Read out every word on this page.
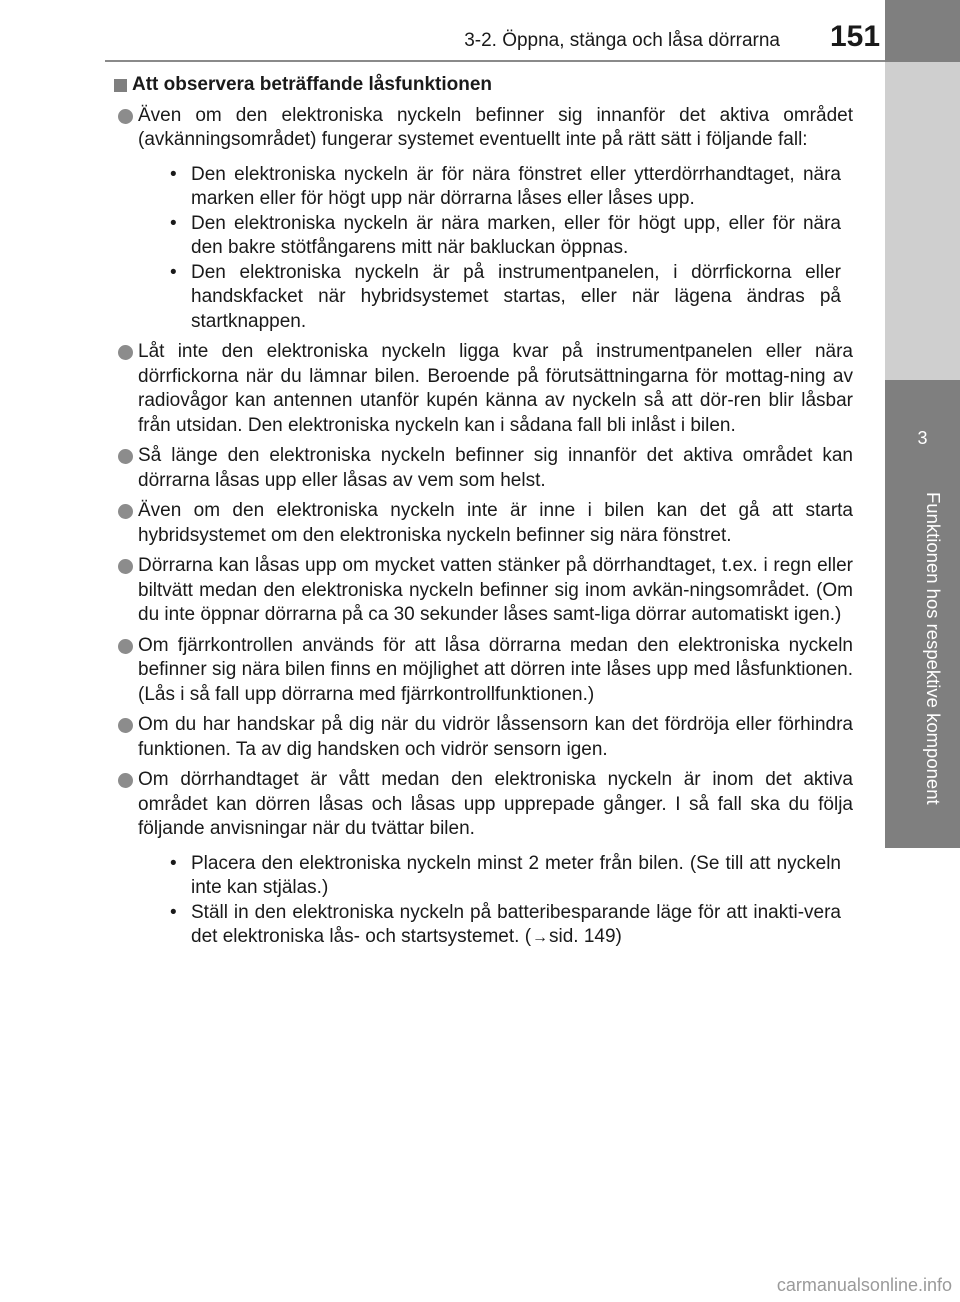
3-2. Öppna, stänga och låsa dörrarna 151
3
Funktionen hos respektive komponent
Att observera beträffande låsfunktionen
Även om den elektroniska nyckeln befinner sig innanför det aktiva området (avkänningsområdet) fungerar systemet eventuellt inte på rätt sätt i följande fall:
• Den elektroniska nyckeln är för nära fönstret eller ytterdörrhandtaget, nära marken eller för högt upp när dörrarna låses eller låses upp.
• Den elektroniska nyckeln är nära marken, eller för högt upp, eller för nära den bakre stötfångarens mitt när bakluckan öppnas.
• Den elektroniska nyckeln är på instrumentpanelen, i dörrfickorna eller handskfacket när hybridsystemet startas, eller när lägena ändras på startknappen.
Låt inte den elektroniska nyckeln ligga kvar på instrumentpanelen eller nära dörrfickorna när du lämnar bilen. Beroende på förutsättningarna för mottag-ning av radiovågor kan antennen utanför kupén känna av nyckeln så att dör-ren blir låsbar från utsidan. Den elektroniska nyckeln kan i sådana fall bli inlåst i bilen.
Så länge den elektroniska nyckeln befinner sig innanför det aktiva området kan dörrarna låsas upp eller låsas av vem som helst.
Även om den elektroniska nyckeln inte är inne i bilen kan det gå att starta hybridsystemet om den elektroniska nyckeln befinner sig nära fönstret.
Dörrarna kan låsas upp om mycket vatten stänker på dörrhandtaget, t.ex. i regn eller biltvätt medan den elektroniska nyckeln befinner sig inom avkän-ningsområdet. (Om du inte öppnar dörrarna på ca 30 sekunder låses samt-liga dörrar automatiskt igen.)
Om fjärrkontrollen används för att låsa dörrarna medan den elektroniska nyckeln befinner sig nära bilen finns en möjlighet att dörren inte låses upp med låsfunktionen. (Lås i så fall upp dörrarna med fjärrkontrollfunktionen.)
Om du har handskar på dig när du vidrör låssensorn kan det fördröja eller förhindra funktionen. Ta av dig handsken och vidrör sensorn igen.
Om dörrhandtaget är vått medan den elektroniska nyckeln är inom det aktiva området kan dörren låsas och låsas upp upprepade gånger. I så fall ska du följa följande anvisningar när du tvättar bilen.
• Placera den elektroniska nyckeln minst 2 meter från bilen. (Se till att nyckeln inte kan stjälas.)
• Ställ in den elektroniska nyckeln på batteribesparande läge för att inakti-vera det elektroniska lås- och startsystemet. (→sid. 149)
carmanualsonline.info
